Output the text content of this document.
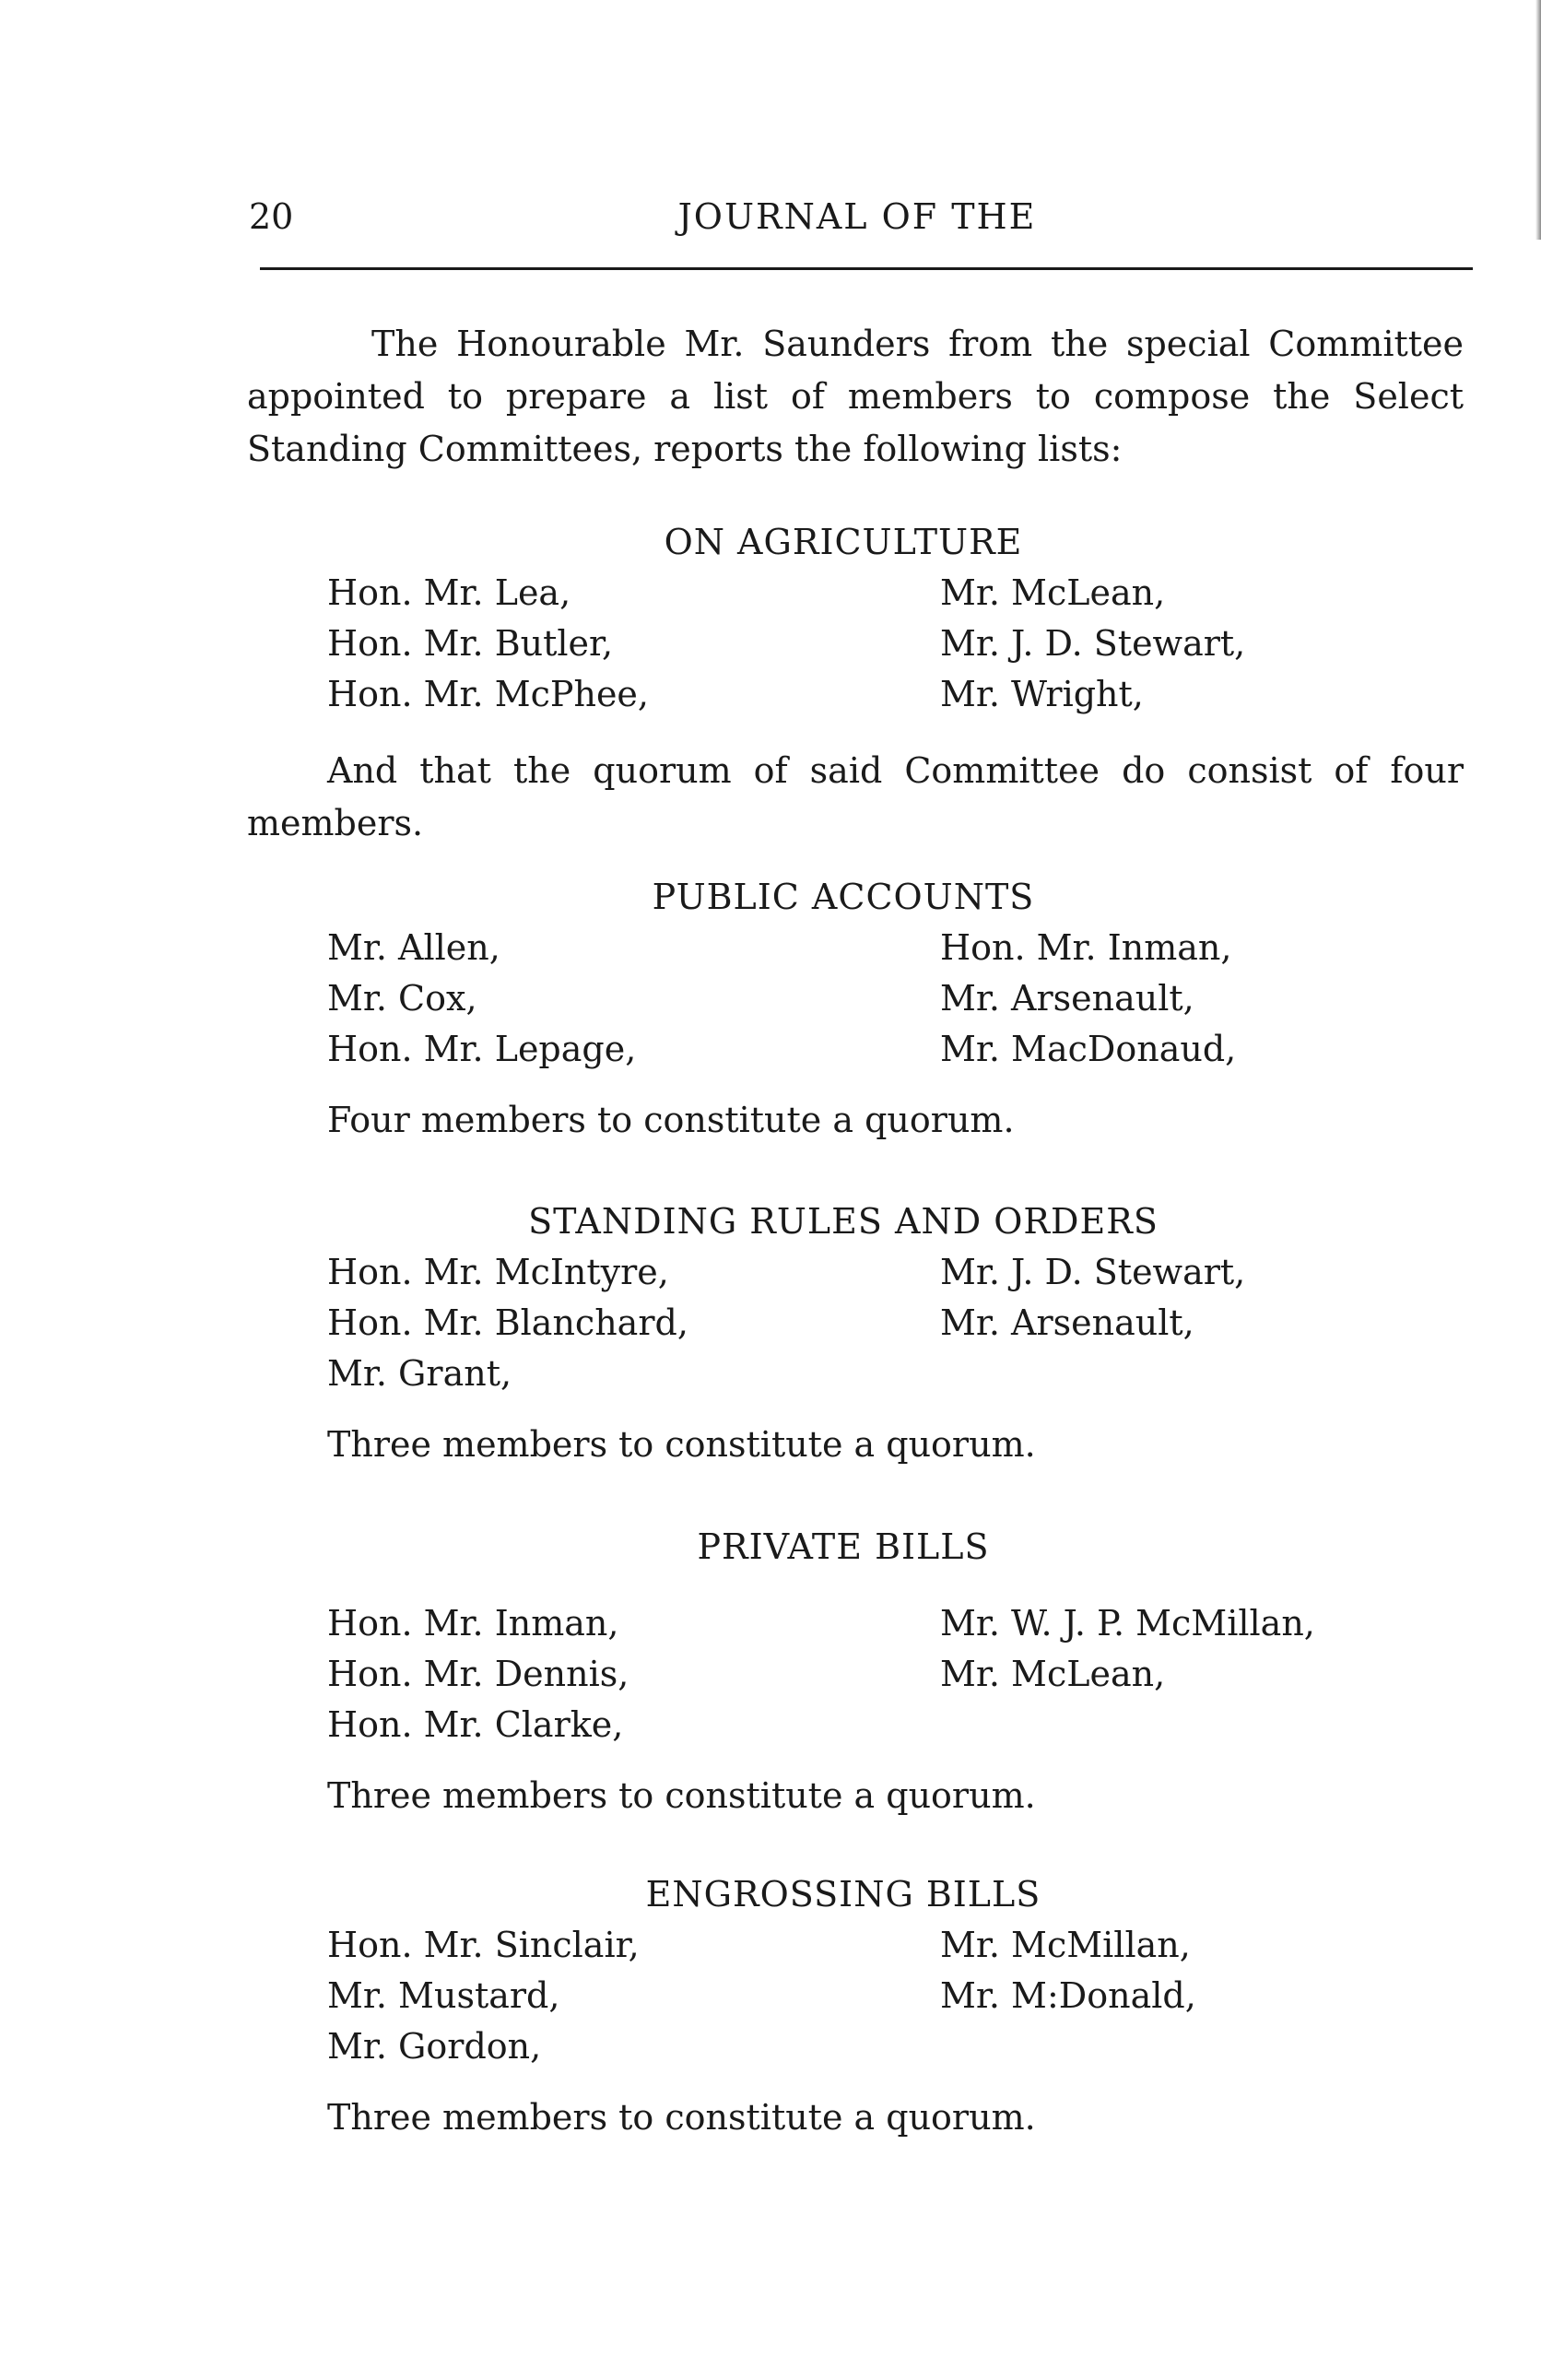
20	JOURNAL OF THE

The Honourable Mr. Saunders from the special Committee appointed to prepare a list of members to compose the Select Standing Committees, reports the following lists:

ON AGRICULTURE
Hon. Mr. Lea,	Mr. McLean,
Hon. Mr. Butler,	Mr. J. D. Stewart,
Hon. Mr. McPhee,	Mr. Wright,

And that the quorum of said Committee do consist of four members.

PUBLIC ACCOUNTS
Mr. Allen,	Hon. Mr. Inman,
Mr. Cox,	Mr. Arsenault,
Hon. Mr. Lepage,	Mr. MacDonaud,
Four members to constitute a quorum.
STANDING RULES AND ORDERS
Hon. Mr. McIntyre,	Mr. J. D. Stewart,
Hon. Mr. Blanchard,	Mr. Arsenault,
Mr. Grant,
Three members to constitute a quorum.
PRIVATE BILLS
Hon. Mr. Inman,	Mr. W. J. P. McMillan,
Hon. Mr. Dennis,	Mr. McLean,
Hon. Mr. Clarke,
Three members to constitute a quorum.
ENGROSSING BILLS
Hon. Mr. Sinclair,	Mr. McMillan,
Mr. Mustard,	Mr. M:Donald,
Mr. Gordon,
Three members to constitute a quorum.
